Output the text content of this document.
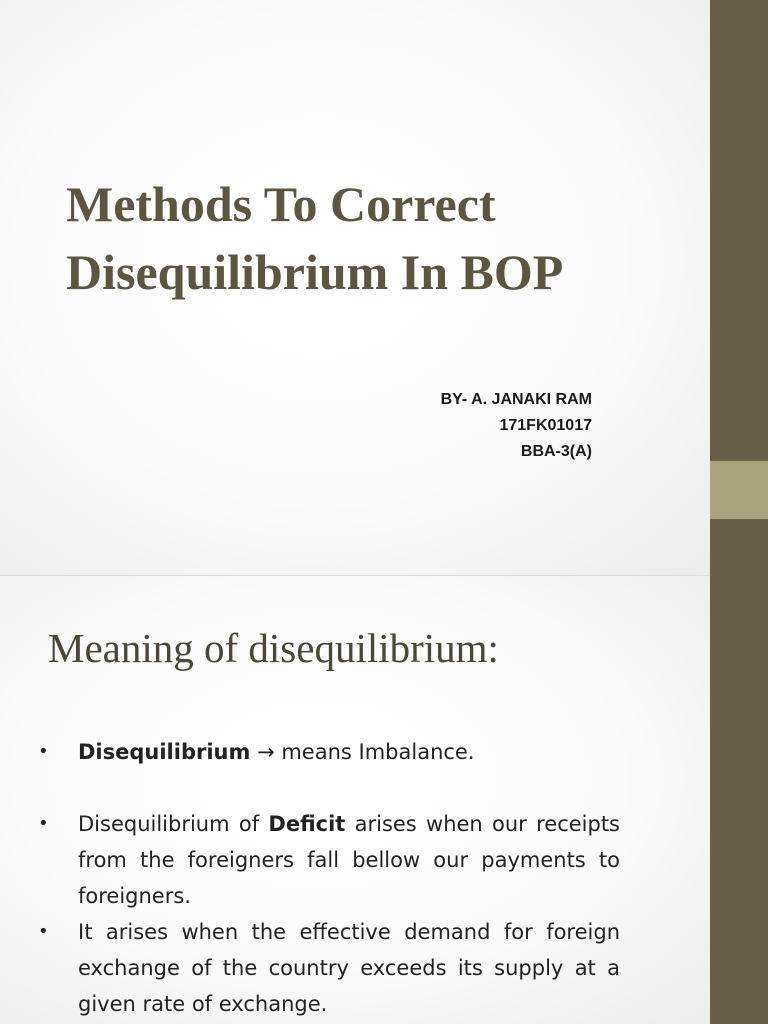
Methods To Correct
Disequilibrium In BOP
BY- A. JANAKI RAM
171FK01017
BBA-3(A)
Meaning of disequilibrium:
• Disequilibrium → means Imbalance.
• Disequilibrium of Deficit arises when our receipts from the foreigners fall bellow our payments to foreigners.
• It arises when the effective demand for foreign exchange of the country exceeds its supply at a given rate of exchange.
